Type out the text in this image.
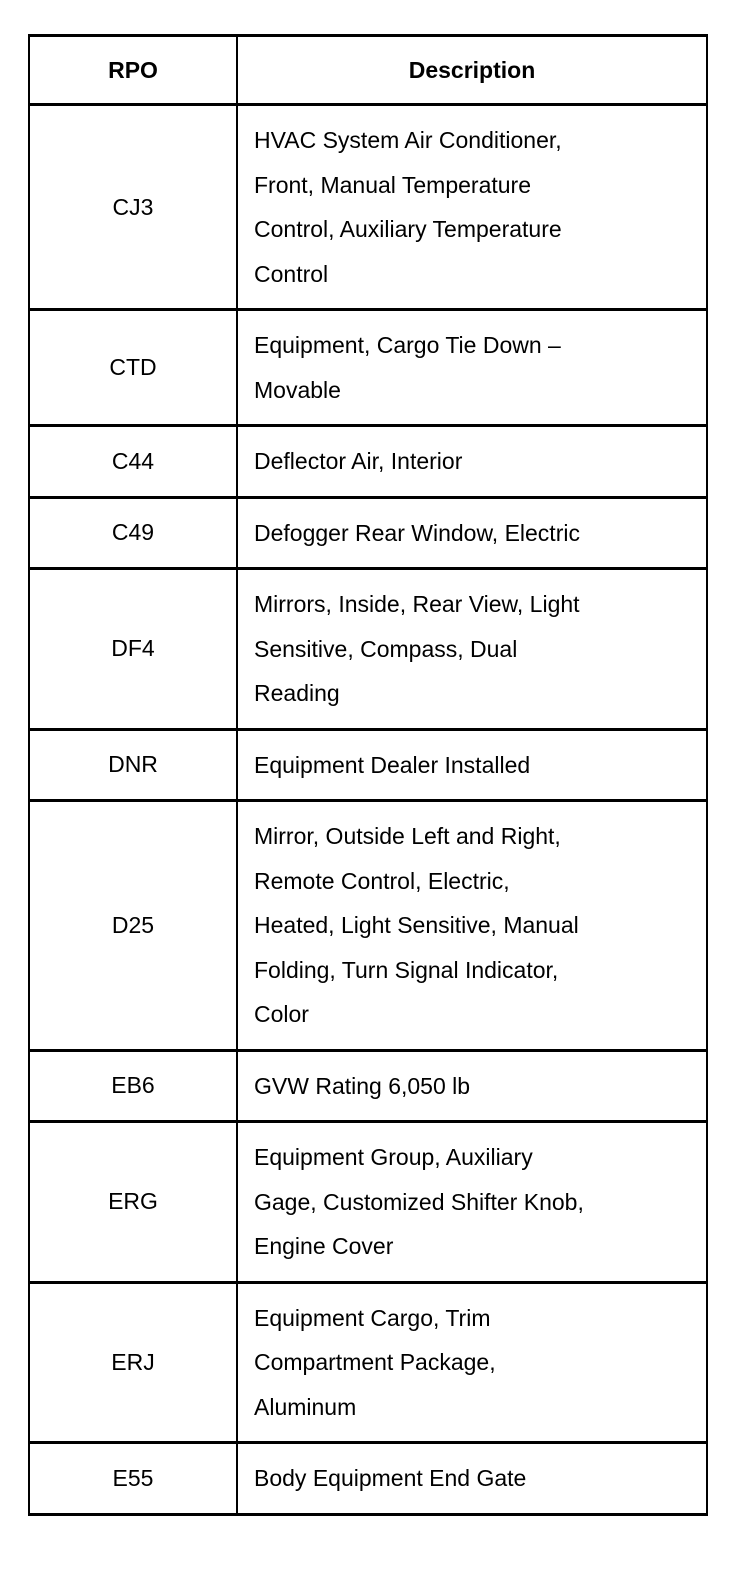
RPO	Description
CJ3	HVAC System Air Conditioner,
Front, Manual Temperature
Control, Auxiliary Temperature
Control

CTD	Equipment, Cargo Tie Down –
Movable

C44	Deflector Air, Interior

C49	Defogger Rear Window, Electric

DF4	Mirrors, Inside, Rear View, Light
Sensitive, Compass, Dual
Reading

DNR	Equipment Dealer Installed

D25	Mirror, Outside Left and Right,
Remote Control, Electric,
Heated, Light Sensitive, Manual
Folding, Turn Signal Indicator,
Color

EB6	GVW Rating 6,050 lb

ERG	Equipment Group, Auxiliary
Gage, Customized Shifter Knob,
Engine Cover

ERJ	Equipment Cargo, Trim
Compartment Package,
Aluminum

E55	Body Equipment End Gate
